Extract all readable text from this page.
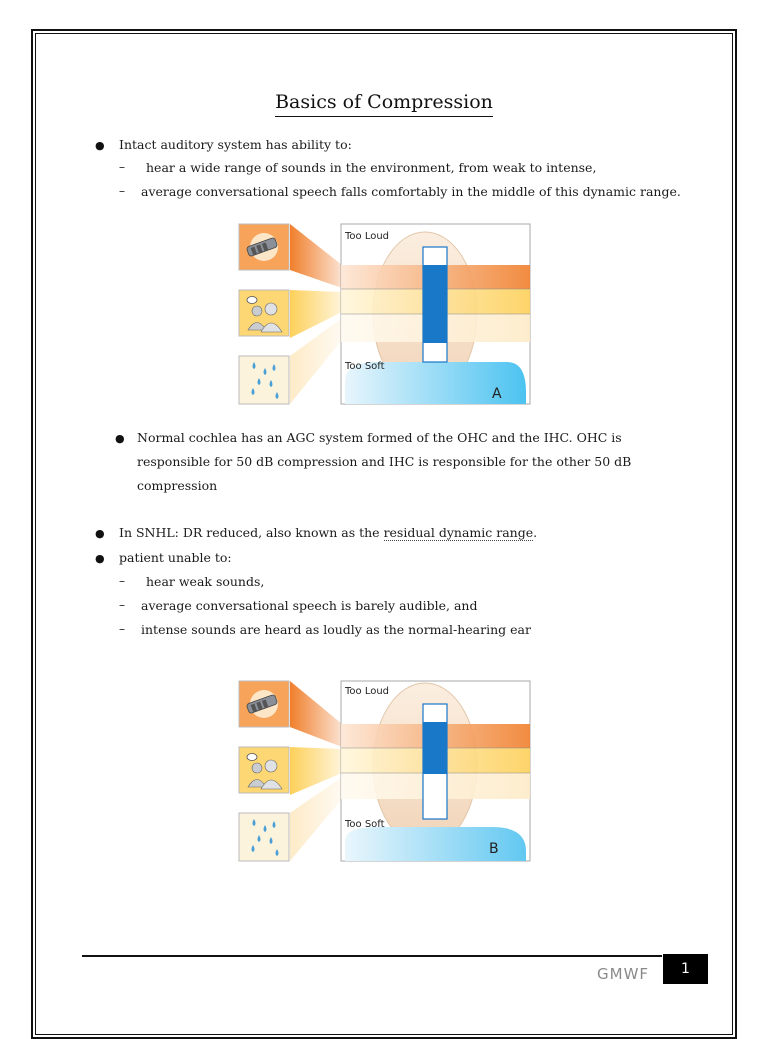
Basics of Compression
● Intact auditory system has ability to:
– hear a wide range of sounds in the environment, from weak to intense,
– average conversational speech falls comfortably in the middle of this dynamic range.
Too Loud
Too Soft
A
● Normal cochlea has an AGC system formed of the OHC and the IHC. OHC is
responsible for 50 dB compression and IHC is responsible for the other 50 dB
compression
● In SNHL: DR reduced, also known as the residual dynamic range.
● patient unable to:
– hear weak sounds,
– average conversational speech is barely audible, and
– intense sounds are heard as loudly as the normal-hearing ear
Too Loud
Too Soft
B
GMWF	1
